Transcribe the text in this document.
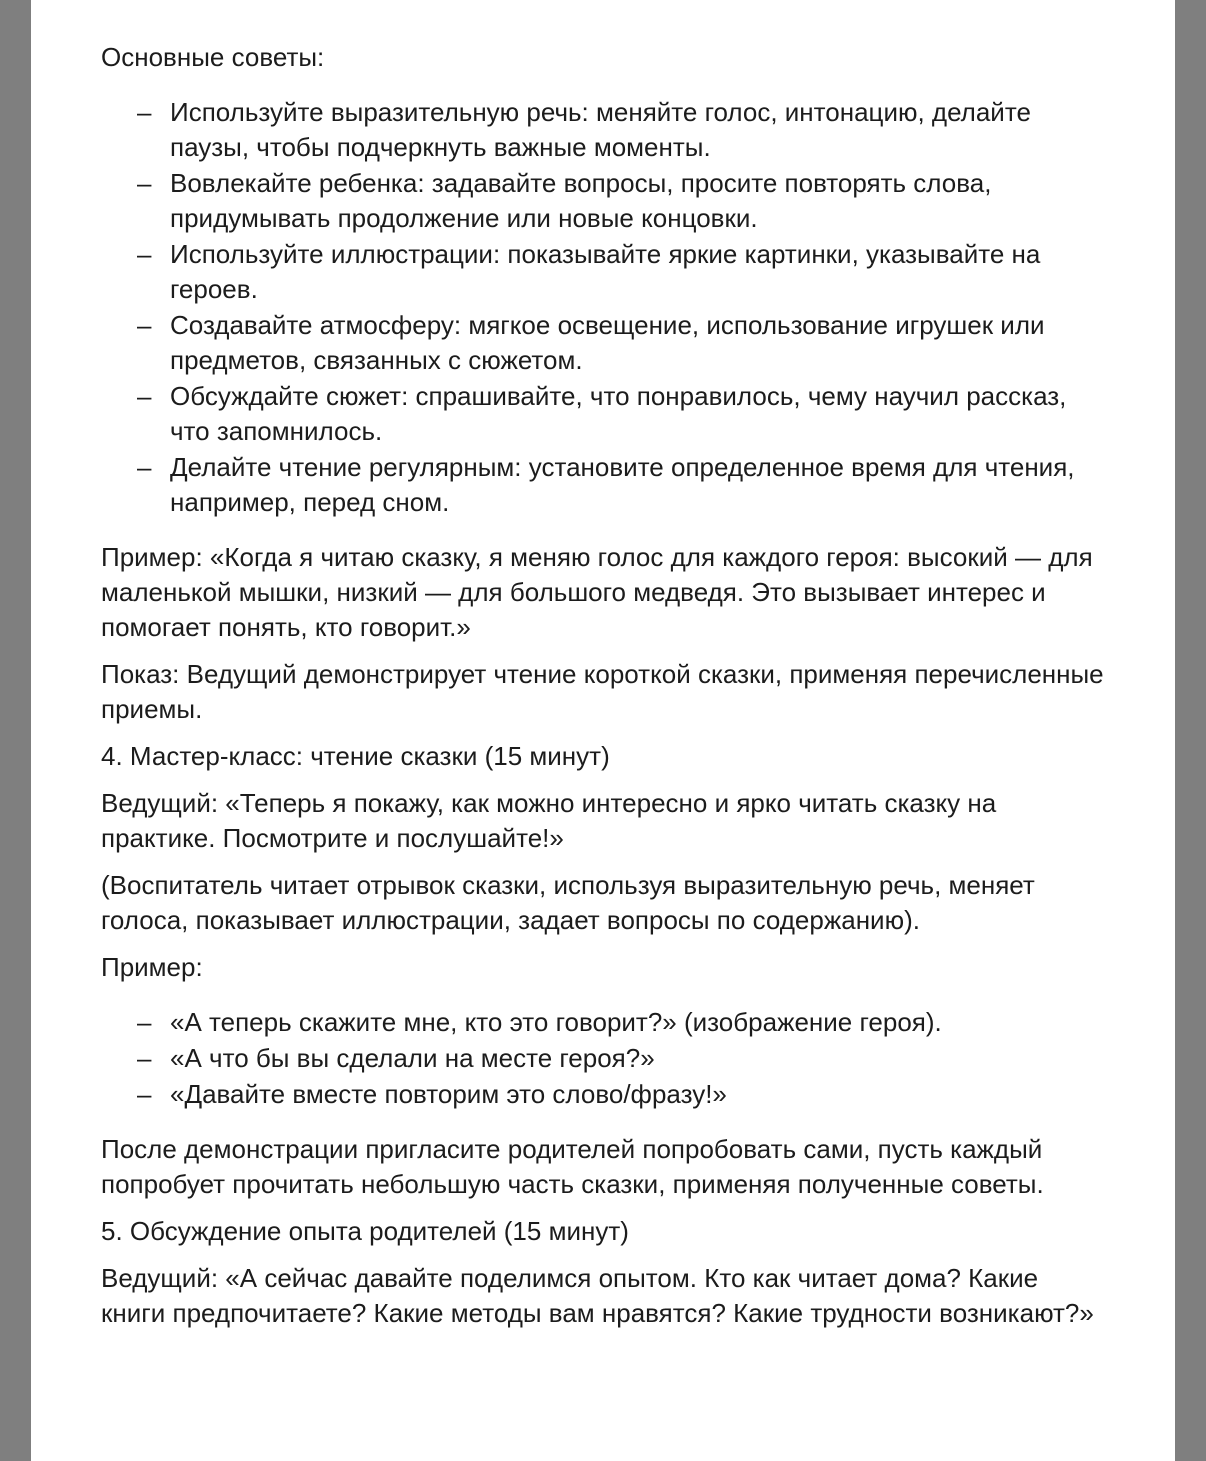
Основные советы:

– Используйте выразительную речь: меняйте голос, интонацию, делайте паузы, чтобы подчеркнуть важные моменты.
– Вовлекайте ребенка: задавайте вопросы, просите повторять слова, придумывать продолжение или новые концовки.
– Используйте иллюстрации: показывайте яркие картинки, указывайте на героев.
– Создавайте атмосферу: мягкое освещение, использование игрушек или предметов, связанных с сюжетом.
– Обсуждайте сюжет: спрашивайте, что понравилось, чему научил рассказ, что запомнилось.
– Делайте чтение регулярным: установите определенное время для чтения, например, перед сном.

Пример: «Когда я читаю сказку, я меняю голос для каждого героя: высокий — для маленькой мышки, низкий — для большого медведя. Это вызывает интерес и помогает понять, кто говорит.»

Показ: Ведущий демонстрирует чтение короткой сказки, применяя перечисленные приемы.

4. Мастер-класс: чтение сказки (15 минут)

Ведущий: «Теперь я покажу, как можно интересно и ярко читать сказку на практике. Посмотрите и послушайте!»

(Воспитатель читает отрывок сказки, используя выразительную речь, меняет голоса, показывает иллюстрации, задает вопросы по содержанию).

Пример:

– «А теперь скажите мне, кто это говорит?» (изображение героя).
– «А что бы вы сделали на месте героя?»
– «Давайте вместе повторим это слово/фразу!»

После демонстрации пригласите родителей попробовать сами, пусть каждый попробует прочитать небольшую часть сказки, применяя полученные советы.

5. Обсуждение опыта родителей (15 минут)

Ведущий: «А сейчас давайте поделимся опытом. Кто как читает дома? Какие книги предпочитаете? Какие методы вам нравятся? Какие трудности возникают?»
